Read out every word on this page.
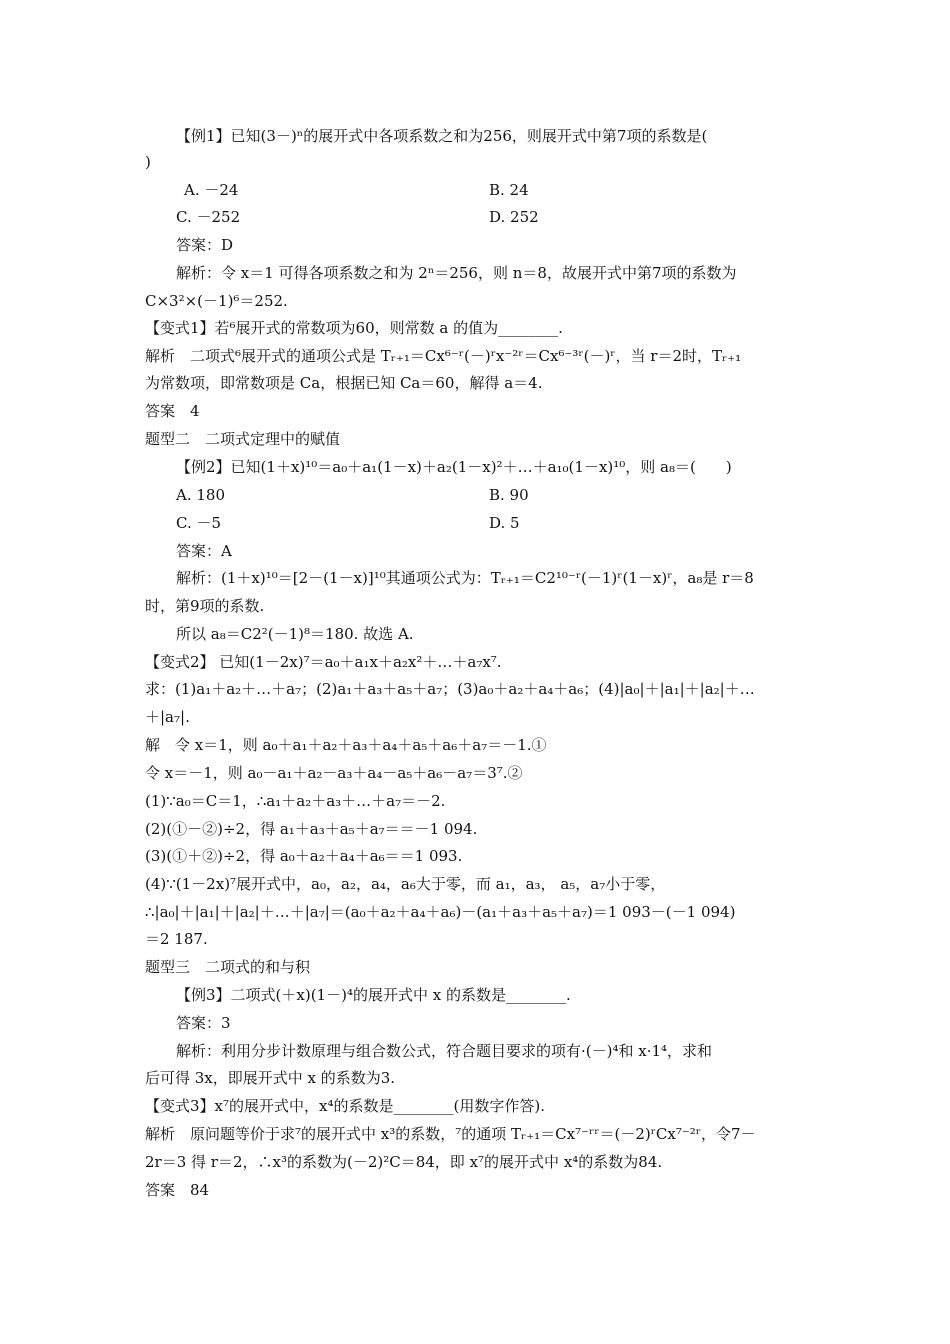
【例1】已知(3－)ⁿ的展开式中各项系数之和为256，则展开式中第7项的系数是(
)
A. －24	B. 24
C. －252	D. 252
答案：D
解析：令 x＝1 可得各项系数之和为 2ⁿ＝256，则 n＝8，故展开式中第7项的系数为
C×3²×(－1)⁶＝252.
【变式1】若⁶展开式的常数项为60，则常数 a 的值为________.
解析　二项式⁶展开式的通项公式是 Tᵣ₊₁＝Cx⁶⁻ʳ(－)ʳx⁻²ʳ＝Cx⁶⁻³ʳ(－)ʳ，当 r＝2时，Tᵣ₊₁
为常数项，即常数项是 Ca，根据已知 Ca＝60，解得 a＝4.
答案　4
题型二　二项式定理中的赋值
【例2】已知(1＋x)¹⁰＝a₀＋a₁(1－x)＋a₂(1－x)²＋…＋a₁₀(1－x)¹⁰，则 a₈＝(　　)
A. 180	B. 90
C. －5	D. 5
答案：A
解析：(1＋x)¹⁰＝[2－(1－x)]¹⁰其通项公式为：Tᵣ₊₁＝C2¹⁰⁻ʳ(－1)ʳ(1－x)ʳ，a₈是 r＝8
时，第9项的系数.
所以 a₈＝C2²(－1)⁸＝180. 故选 A.
【变式2】 已知(1－2x)⁷＝a₀＋a₁x＋a₂x²＋…＋a₇x⁷.
求：(1)a₁＋a₂＋…＋a₇；(2)a₁＋a₃＋a₅＋a₇；(3)a₀＋a₂＋a₄＋a₆；(4)|a₀|＋|a₁|＋|a₂|＋…
＋|a₇|.
解　令 x＝1，则 a₀＋a₁＋a₂＋a₃＋a₄＋a₅＋a₆＋a₇＝－1.①
令 x＝－1，则 a₀－a₁＋a₂－a₃＋a₄－a₅＋a₆－a₇＝3⁷.②
(1)∵a₀＝C＝1，∴a₁＋a₂＋a₃＋…＋a₇＝－2.
(2)(①－②)÷2，得 a₁＋a₃＋a₅＋a₇＝＝－1 094.
(3)(①＋②)÷2，得 a₀＋a₂＋a₄＋a₆＝＝1 093.
(4)∵(1－2x)⁷展开式中，a₀，a₂，a₄，a₆大于零，而 a₁，a₃， a₅，a₇小于零，
∴|a₀|＋|a₁|＋|a₂|＋…＋|a₇|＝(a₀＋a₂＋a₄＋a₆)－(a₁＋a₃＋a₅＋a₇)＝1 093－(－1 094)
＝2 187.
题型三　二项式的和与积
【例3】二项式(＋x)(1－)⁴的展开式中 x 的系数是________.
答案：3
解析：利用分步计数原理与组合数公式，符合题目要求的项有·(－)⁴和 x·1⁴，求和
后可得 3x，即展开式中 x 的系数为3.
【变式3】x⁷的展开式中，x⁴的系数是________(用数字作答).
解析　原问题等价于求⁷的展开式中 x³的系数，⁷的通项 Tᵣ₊₁＝Cx⁷⁻ʳʳ＝(－2)ʳCx⁷⁻²ʳ，令7－
2r＝3 得 r＝2，∴x³的系数为(－2)²C＝84，即 x⁷的展开式中 x⁴的系数为84.
答案　84
